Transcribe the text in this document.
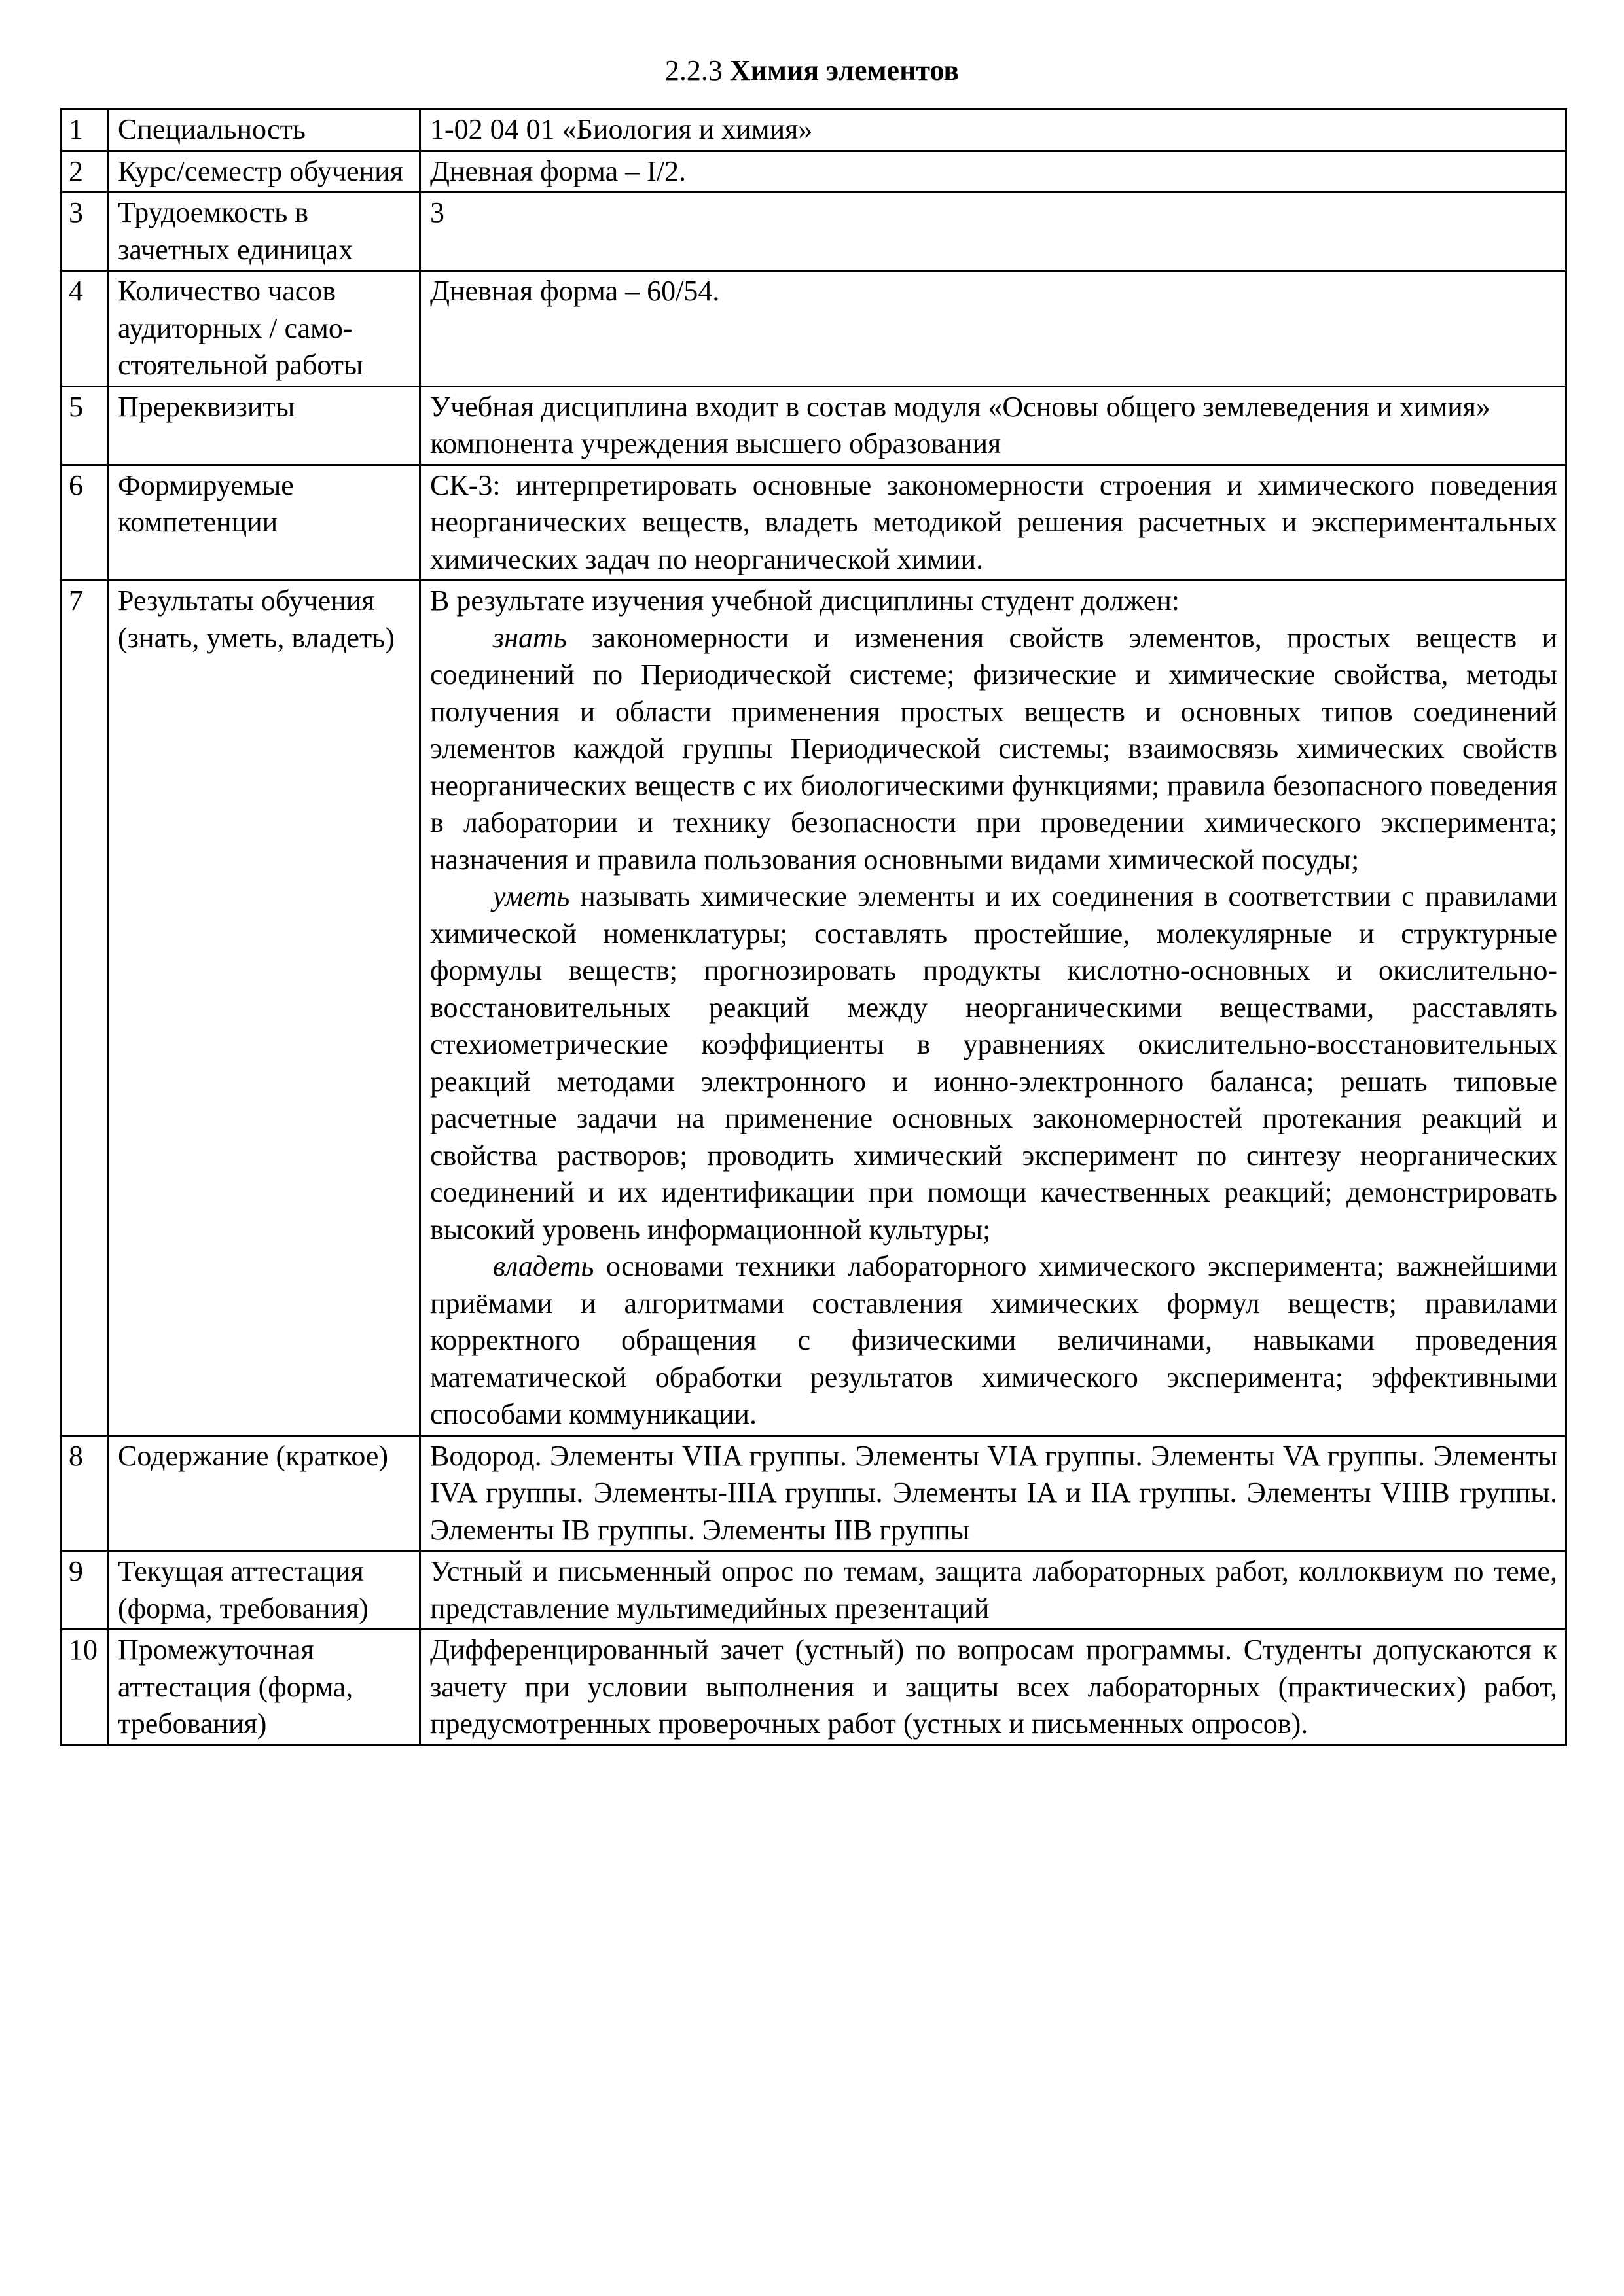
2.2.3 Химия элементов
1	Специальность	1-02 04 01 «Биология и химия»
2	Курс/семестр обучения	Дневная форма – I/2.
3	Трудоемкость в зачетных единицах	3
4	Количество часов аудиторных / само-стоятельной работы	Дневная форма – 60/54.
5	Пререквизиты	Учебная дисциплина входит в состав модуля «Основы общего землеведения и химия» компонента учреждения высшего образования
6	Формируемые компетенции	СК-3: интерпретировать основные закономерности строения и химического поведения неорганических веществ, владеть методикой решения расчетных и экспериментальных химических задач по неорганической химии.
7	Результаты обучения (знать, уметь, владеть)	В результате изучения учебной дисциплины студент должен:
знать закономерности и изменения свойств элементов, простых веществ и соединений по Периодической системе; физические и химические свойства, методы получения и области применения простых веществ и основных типов соединений элементов каждой группы Периодической системы; взаимосвязь химических свойств неорганических веществ с их биологическими функциями; правила безопасного поведения в лаборатории и технику безопасности при проведении химического эксперимента; назначения и правила пользования основными видами химической посуды;
уметь называть химические элементы и их соединения в соответствии с правилами химической номенклатуры; составлять простейшие, молекулярные и структурные формулы веществ; прогнозировать продукты кислотно-основных и окислительно-восстановительных реакций между неорганическими веществами, расставлять стехиометрические коэффициенты в уравнениях окислительно-восстановительных реакций методами электронного и ионно-электронного баланса; решать типовые расчетные задачи на применение основных закономерностей протекания реакций и свойства растворов; проводить химический эксперимент по синтезу неорганических соединений и их идентификации при помощи качественных реакций; демонстрировать высокий уровень информационной культуры;
владеть основами техники лабораторного химического эксперимента; важнейшими приёмами и алгоритмами составления химических формул веществ; правилами корректного обращения с физическими величинами, навыками проведения математической обработки результатов химического эксперимента; эффективными способами коммуникации.

8	Содержание (краткое)	Водород. Элементы VIIA группы. Элементы VIA группы. Элементы VA группы. Элементы IVA группы. Элементы-IIIA группы. Элементы IA и IIA группы. Элементы VIIIB группы. Элементы IB группы. Элементы IIB группы
9	Текущая аттестация (форма, требования)	Устный и письменный опрос по темам, защита лабораторных работ, коллоквиум по теме, представление мультимедийных презентаций
10	Промежуточная аттестация (форма, требования)	Дифференцированный зачет (устный) по вопросам программы. Студенты допускаются к зачету при условии выполнения и защиты всех лабораторных (практических) работ, предусмотренных проверочных работ (устных и письменных опросов).
